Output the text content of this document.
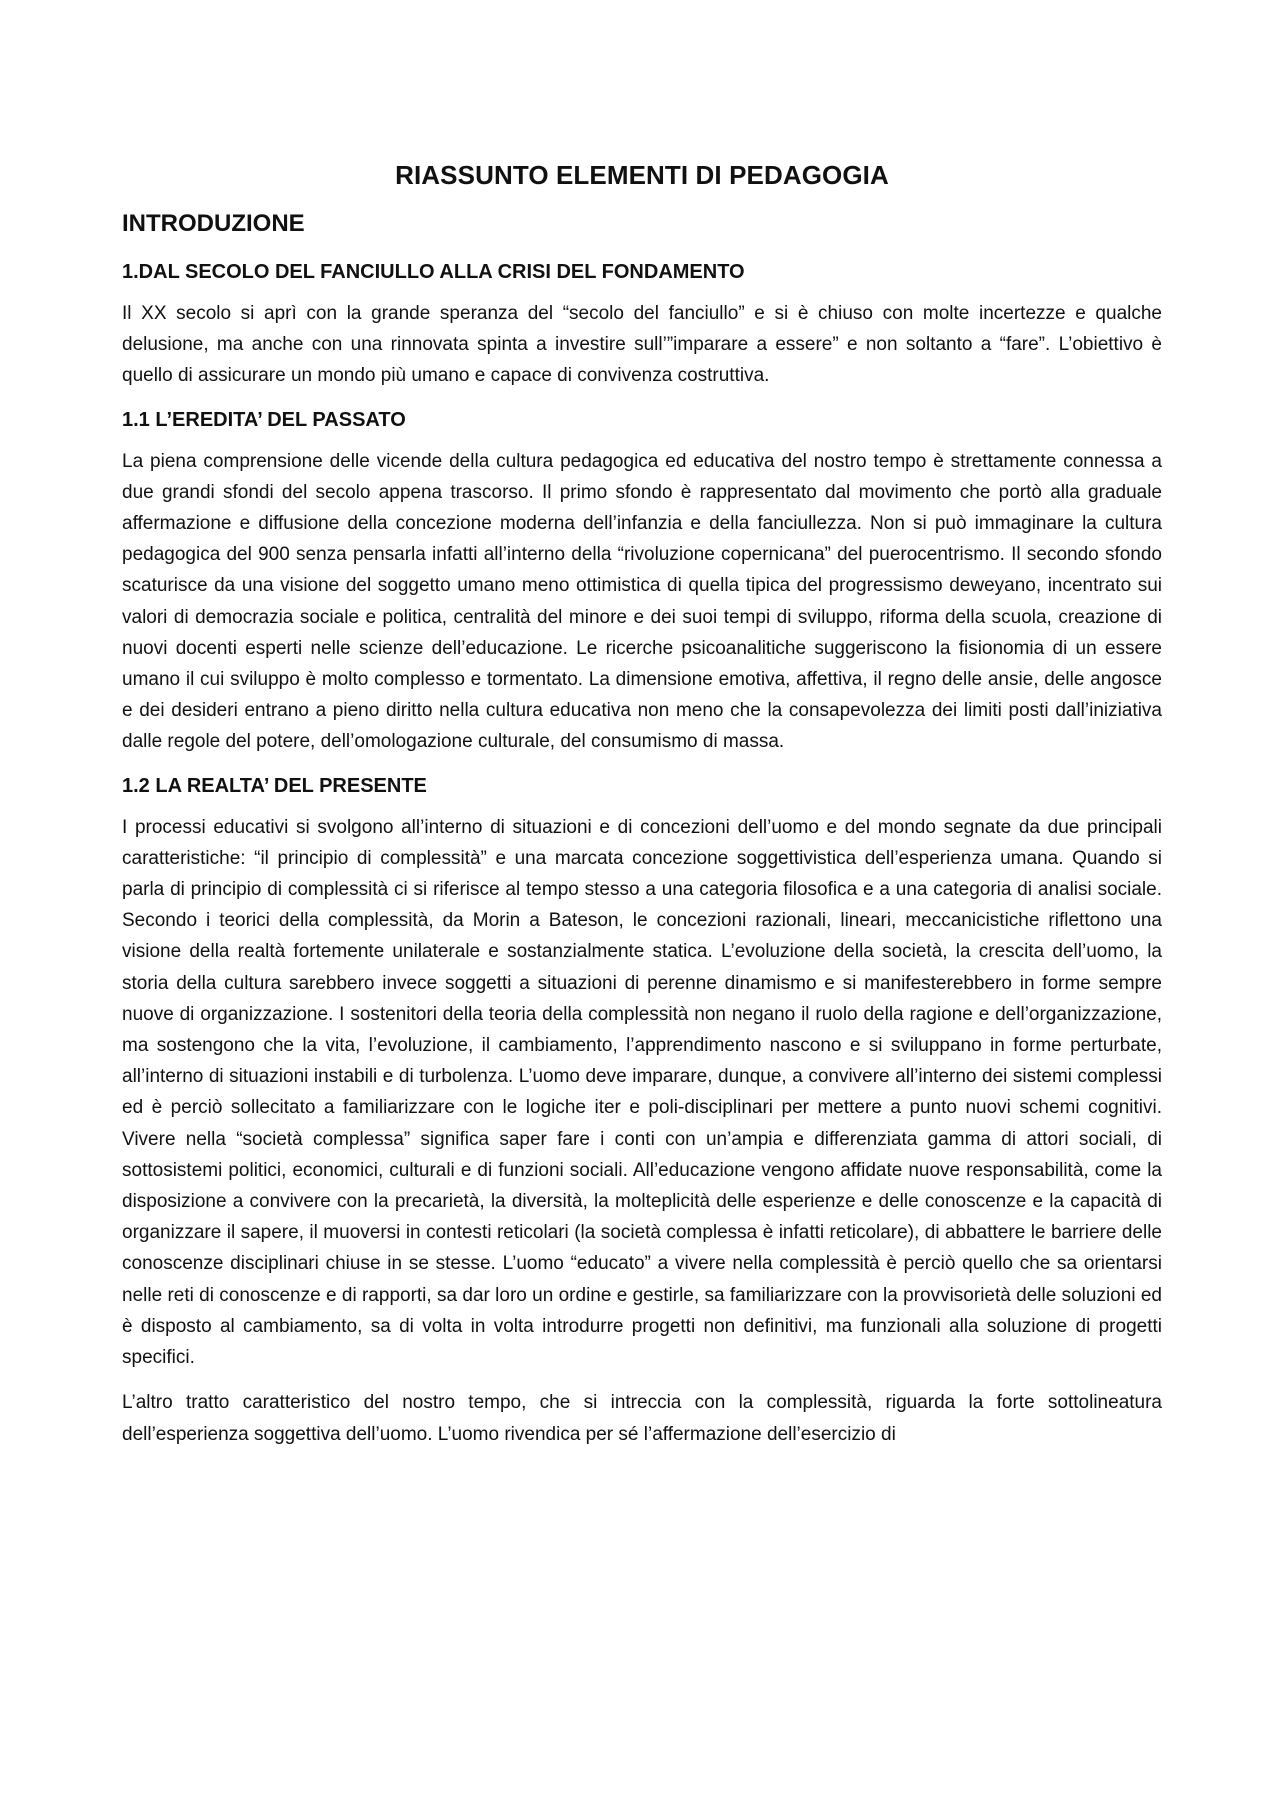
RIASSUNTO ELEMENTI DI PEDAGOGIA
INTRODUZIONE
1.DAL SECOLO DEL FANCIULLO ALLA CRISI DEL FONDAMENTO

Il XX secolo si aprì con la grande speranza del “secolo del fanciullo” e si è chiuso con molte incertezze e qualche delusione, ma anche con una rinnovata spinta a investire sull’”imparare a essere” e non soltanto a “fare”. L’obiettivo è quello di assicurare un mondo più umano e capace di convivenza costruttiva.

1.1 L’EREDITA’ DEL PASSATO

La piena comprensione delle vicende della cultura pedagogica ed educativa del nostro tempo è strettamente connessa a due grandi sfondi del secolo appena trascorso. Il primo sfondo è rappresentato dal movimento che portò alla graduale affermazione e diffusione della concezione moderna dell’infanzia e della fanciullezza. Non si può immaginare la cultura pedagogica del 900 senza pensarla infatti all’interno della “rivoluzione copernicana” del puerocentrismo. Il secondo sfondo scaturisce da una visione del soggetto umano meno ottimistica di quella tipica del progressismo deweyano, incentrato sui valori di democrazia sociale e politica, centralità del minore e dei suoi tempi di sviluppo, riforma della scuola, creazione di nuovi docenti esperti nelle scienze dell’educazione. Le ricerche psicoanalitiche suggeriscono la fisionomia di un essere umano il cui sviluppo è molto complesso e tormentato. La dimensione emotiva, affettiva, il regno delle ansie, delle angosce e dei desideri entrano a pieno diritto nella cultura educativa non meno che la consapevolezza dei limiti posti dall’iniziativa dalle regole del potere, dell’omologazione culturale, del consumismo di massa.

1.2 LA REALTA’ DEL PRESENTE

I processi educativi si svolgono all’interno di situazioni e di concezioni dell’uomo e del mondo segnate da due principali caratteristiche: “il principio di complessità” e una marcata concezione soggettivistica dell’esperienza umana. Quando si parla di principio di complessità ci si riferisce al tempo stesso a una categoria filosofica e a una categoria di analisi sociale. Secondo i teorici della complessità, da Morin a Bateson, le concezioni razionali, lineari, meccanicistiche riflettono una visione della realtà fortemente unilaterale e sostanzialmente statica. L’evoluzione della società, la crescita dell’uomo, la storia della cultura sarebbero invece soggetti a situazioni di perenne dinamismo e si manifesterebbero in forme sempre nuove di organizzazione. I sostenitori della teoria della complessità non negano il ruolo della ragione e dell’organizzazione, ma sostengono che la vita, l’evoluzione, il cambiamento, l’apprendimento nascono e si sviluppano in forme perturbate, all’interno di situazioni instabili e di turbolenza. L’uomo deve imparare, dunque, a convivere all’interno dei sistemi complessi ed è perciò sollecitato a familiarizzare con le logiche iter e poli-disciplinari per mettere a punto nuovi schemi cognitivi. Vivere nella “società complessa” significa saper fare i conti con un’ampia e differenziata gamma di attori sociali, di sottosistemi politici, economici, culturali e di funzioni sociali. All’educazione vengono affidate nuove responsabilità, come la disposizione a convivere con la precarietà, la diversità, la molteplicità delle esperienze e delle conoscenze e la capacità di organizzare il sapere, il muoversi in contesti reticolari (la società complessa è infatti reticolare), di abbattere le barriere delle conoscenze disciplinari chiuse in se stesse. L’uomo “educato” a vivere nella complessità è perciò quello che sa orientarsi nelle reti di conoscenze e di rapporti, sa dar loro un ordine e gestirle, sa familiarizzare con la provvisorietà delle soluzioni ed è disposto al cambiamento, sa di volta in volta introdurre progetti non definitivi, ma funzionali alla soluzione di progetti specifici.

L’altro tratto caratteristico del nostro tempo, che si intreccia con la complessità, riguarda la forte sottolineatura dell’esperienza soggettiva dell’uomo. L’uomo rivendica per sé l’affermazione dell’esercizio di
